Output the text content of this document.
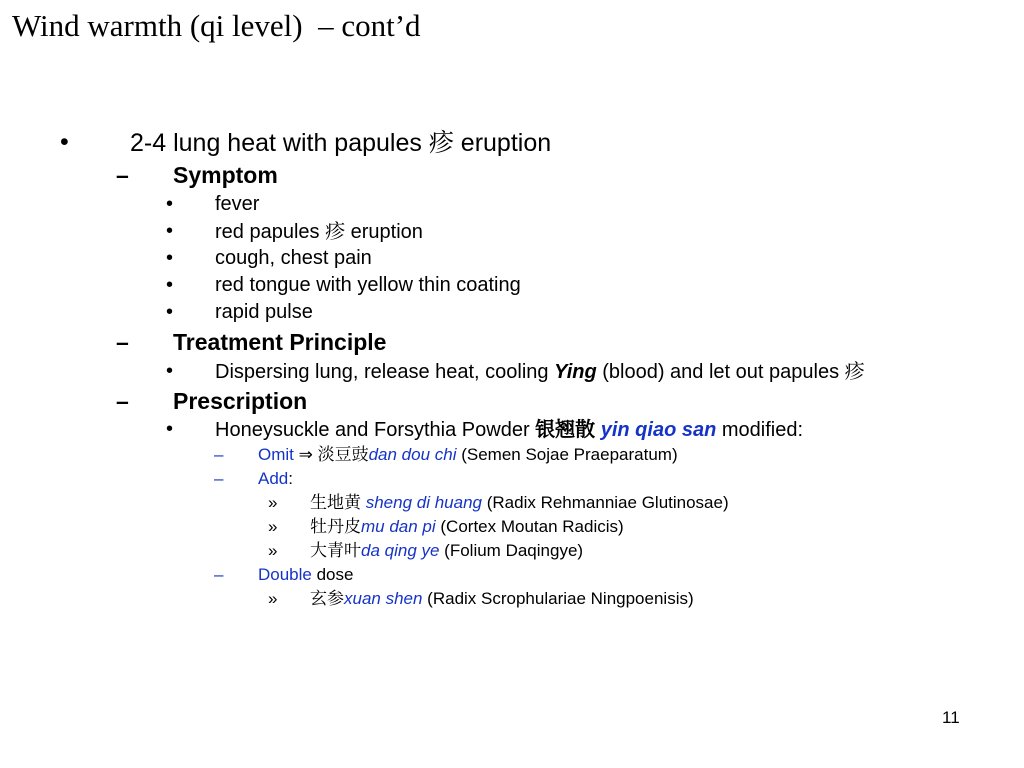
Wind warmth (qi level)  – cont’d
• 2-4 lung heat with papules 疹 eruption
– Symptom
• fever
• red papules 疹 eruption
• cough, chest pain
• red tongue with yellow thin coating
• rapid pulse
– Treatment Principle
• Dispersing lung, release heat, cooling Ying (blood) and let out papules 疹
– Prescription
• Honeysuckle and Forsythia Powder 银翘散 yin qiao san modified:
– Omit ⇒ 淡豆豉dan dou chi (Semen Sojae Praeparatum)
– Add:
» 生地黄 sheng di huang (Radix Rehmanniae Glutinosae)
» 牡丹皮mu dan pi (Cortex Moutan Radicis)
» 大青叶da qing ye (Folium Daqingye)
– Double dose
» 玄参xuan shen (Radix Scrophulariae Ningpoenisis)
11
